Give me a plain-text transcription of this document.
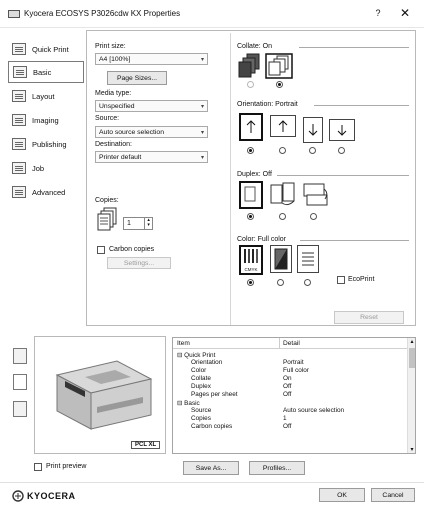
Kyocera ECOSYS P3026cdw KX Properties	?	✕
Quick Print
Basic
Layout
Imaging
Publishing
Job
Advanced
Print size:
A4 [100%]	▾
Page Sizes...
Media type:
Unspecified	▾
Source:
Auto source selection	▾
Destination:
Printer default	▾
Copies:
1	▴
▾
Carbon copies
Settings...
Collate: On
Orientation: Portrait
Duplex: Off
Color: Full color
CMYK
EcoPrint
Reset
PCL XL
Print preview
Item	Detail
⊟ Quick Print
Orientation	Portrait
Color	Full color
Collate	On
Duplex	Off
Pages per sheet	Off
⊟ Basic
Source	Auto source selection
Copies	1
Carbon copies	Off
▴
▾
Save As...	Profiles...
KYOCERA	OK	Cancel
